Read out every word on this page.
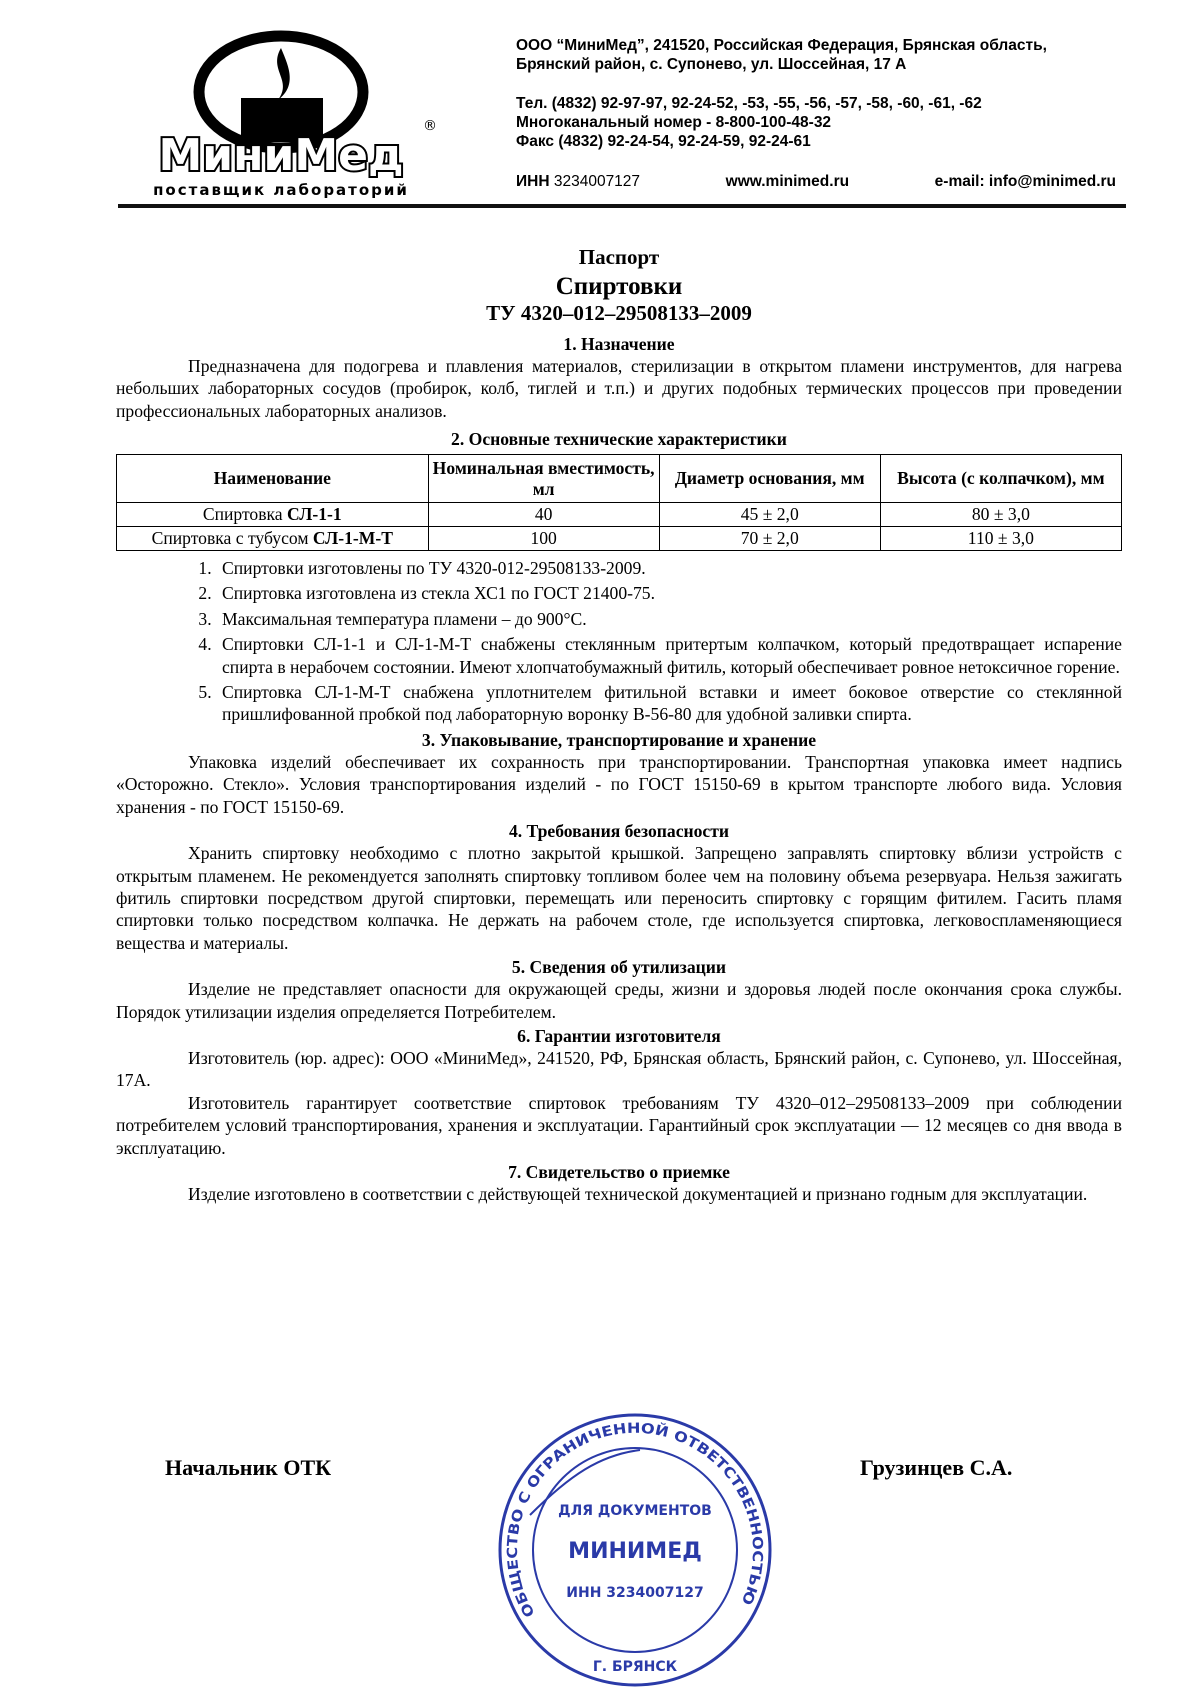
МиниМед
®
поставщик лабораторий
ООО “МиниМед”, 241520, Российская Федерация, Брянская область,
Брянский район, с. Супонево, ул. Шоссейная, 17 А
Тел. (4832) 92-97-97, 92-24-52, -53, -55, -56, -57, -58, -60, -61, -62
Многоканальный номер - 8-800-100-48-32
Факс (4832) 92-24-54, 92-24-59, 92-24-61
ИНН 3234007127	www.minimed.ru	e-mail: info@minimed.ru
Паспорт
Спиртовки
ТУ 4320–012–29508133–2009
1. Назначение

Предназначена для подогрева и плавления материалов, стерилизации в открытом пламени инструментов, для нагрева небольших лабораторных сосудов (пробирок, колб, тиглей и т.п.) и других подобных термических процессов при проведении профессиональных лабораторных анализов.

2. Основные технические характеристики
Наименование	Номинальная вместимость, мл	Диаметр основания, мм	Высота (с колпачком), мм
Спиртовка СЛ-1-1	40	45 ± 2,0	80 ± 3,0
Спиртовка с тубусом СЛ-1-М-Т	100	70 ± 2,0	110 ± 3,0
1. Спиртовки изготовлены по ТУ 4320-012-29508133-2009.
2. Спиртовка изготовлена из стекла ХС1 по ГОСТ 21400-75.
3. Максимальная температура пламени – до 900°С.
4. Спиртовки СЛ-1-1 и СЛ-1-М-Т снабжены стеклянным притертым колпачком, который предотвращает испарение спирта в нерабочем состоянии. Имеют хлопчатобумажный фитиль, который обеспечивает ровное нетоксичное горение.
5. Спиртовка СЛ-1-М-Т снабжена уплотнителем фитильной вставки и имеет боковое отверстие со стеклянной пришлифованной пробкой под лабораторную воронку В-56-80 для удобной заливки спирта.
3. Упаковывание, транспортирование и хранение

Упаковка изделий обеспечивает их сохранность при транспортировании. Транспортная упаковка имеет надпись «Осторожно. Стекло». Условия транспортирования изделий - по ГОСТ 15150-69 в крытом транспорте любого вида. Условия хранения - по ГОСТ 15150-69.

4. Требования безопасности

Хранить спиртовку необходимо с плотно закрытой крышкой. Запрещено заправлять спиртовку вблизи устройств с открытым пламенем. Не рекомендуется заполнять спиртовку топливом более чем на половину объема резервуара. Нельзя зажигать фитиль спиртовки посредством другой спиртовки, перемещать или переносить спиртовку с горящим фитилем. Гасить пламя спиртовки только посредством колпачка. Не держать на рабочем столе, где используется спиртовка, легковоспламеняющиеся вещества и материалы.

5. Сведения об утилизации

Изделие не представляет опасности для окружающей среды, жизни и здоровья людей после окончания срока службы. Порядок утилизации изделия определяется Потребителем.

6. Гарантии изготовителя

Изготовитель (юр. адрес): ООО «МиниМед», 241520, РФ, Брянская область, Брянский район, с. Супонево, ул. Шоссейная, 17А.

Изготовитель гарантирует соответствие спиртовок требованиям ТУ 4320–012–29508133–2009 при соблюдении потребителем условий транспортирования, хранения и эксплуатации. Гарантийный срок эксплуатации — 12 месяцев со дня ввода в эксплуатацию.

7. Свидетельство о приемке

Изделие изготовлено в соответствии с действующей технической документацией и признано годным для эксплуатации.

Начальник ОТК	Грузинцев С.А.
ОБЩЕСТВО С ОГРАНИЧЕННОЙ ОТВЕТСТВЕННОСТЬЮ
ДЛЯ ДОКУМЕНТОВ
МИНИМЕД
ИНН 3234007127
Г. БРЯНСК
